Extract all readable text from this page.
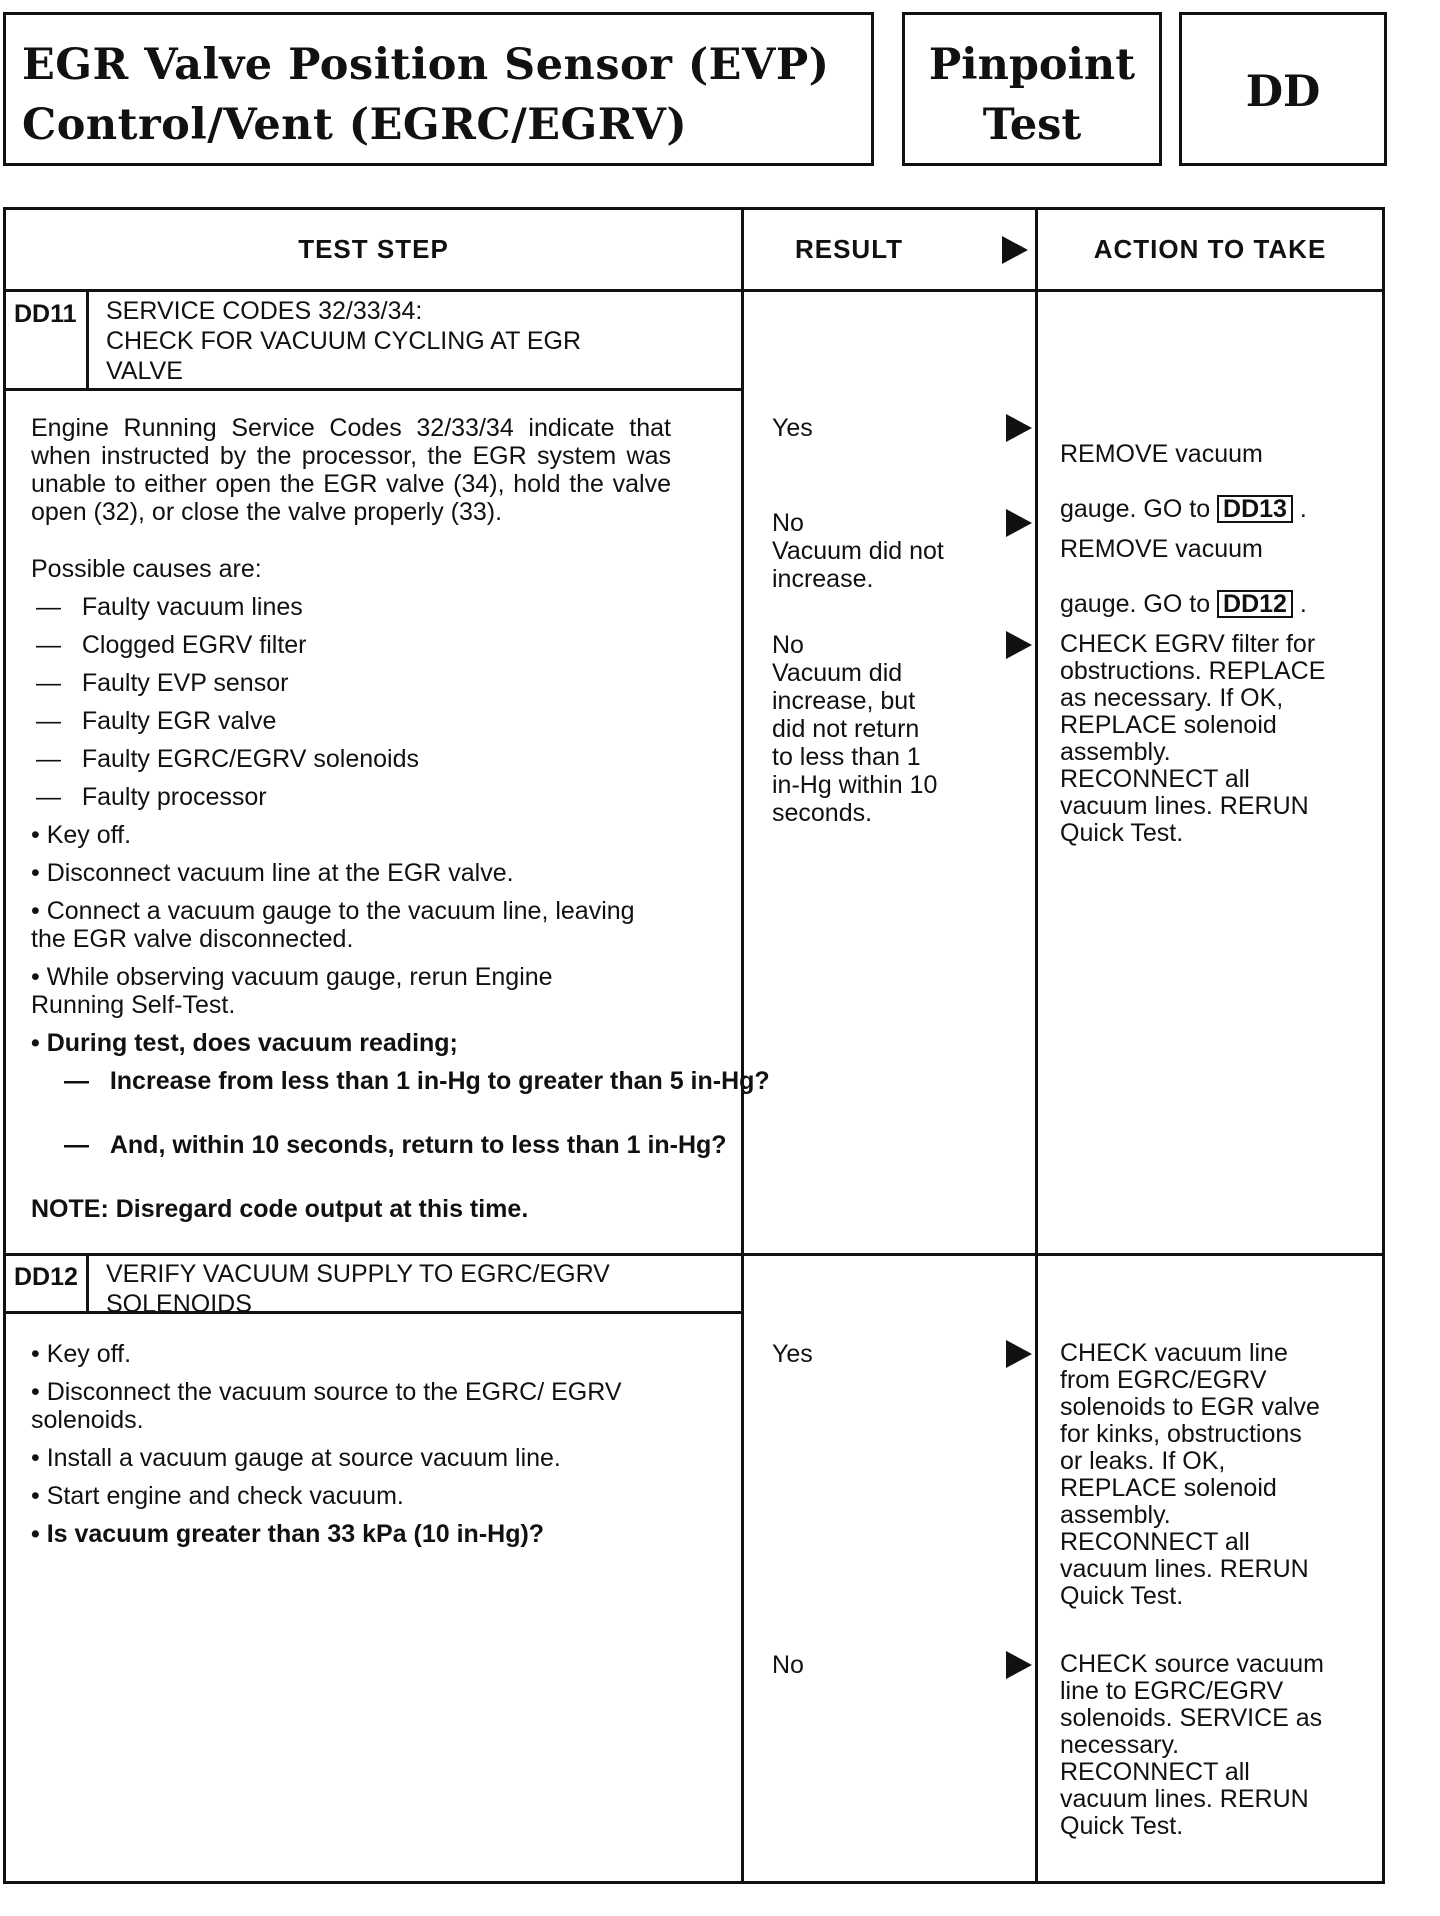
EGR Valve Position Sensor (EVP)
Control/Vent (EGRC/EGRV)
Pinpoint
Test
DD
TEST STEP	RESULT	ACTION TO TAKE
DD11 SERVICE CODES 32/33/34:
CHECK FOR VACUUM CYCLING AT EGR
VALVE
Engine Running Service Codes 32/33/34 indicate that when instructed by the processor, the EGR system was unable to either open the EGR valve (34), hold the valve open (32), or close the valve properly (33).
Possible causes are:
—   Faulty vacuum lines
—   Clogged EGRV filter
—   Faulty EVP sensor
—   Faulty EGR valve
—   Faulty EGRC/EGRV solenoids
—   Faulty processor
• Key off.
• Disconnect vacuum line at the EGR valve.
• Connect a vacuum gauge to the vacuum line, leaving the EGR valve disconnected.
• While observing vacuum gauge, rerun Engine Running Self-Test.
• During test, does vacuum reading;
—   Increase from less than 1 in-Hg to greater than 5 in-Hg?
—   And, within 10 seconds, return to less than 1 in-Hg?
NOTE: Disregard code output at this time.
Yes
No
Vacuum did not
increase.
No
Vacuum did
increase, but
did not return
to less than 1
in-Hg within 10
seconds.

REMOVE vacuum

gauge. GO to DD13 .

REMOVE vacuum

gauge. GO to DD12 .

CHECK EGRV filter for
obstructions. REPLACE
as necessary. If OK,
REPLACE solenoid
assembly.
RECONNECT all
vacuum lines. RERUN
Quick Test.
DD12 VERIFY VACUUM SUPPLY TO EGRC/EGRV
SOLENOIDS
• Key off.
• Disconnect the vacuum source to the EGRC/ EGRV solenoids.
• Install a vacuum gauge at source vacuum line.
• Start engine and check vacuum.
• Is vacuum greater than 33 kPa (10 in-Hg)?
Yes
No
CHECK vacuum line
from EGRC/EGRV
solenoids to EGR valve
for kinks, obstructions
or leaks. If OK,
REPLACE solenoid
assembly.
RECONNECT all
vacuum lines. RERUN
Quick Test.
CHECK source vacuum
line to EGRC/EGRV
solenoids. SERVICE as
necessary.
RECONNECT all
vacuum lines. RERUN
Quick Test.
